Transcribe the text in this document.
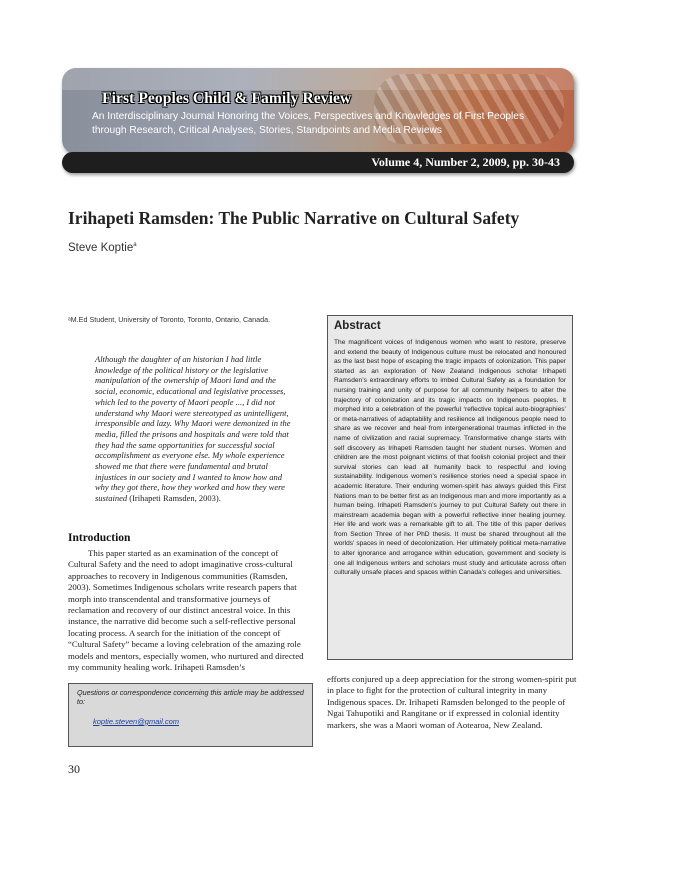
First Peoples Child & Family Review
An Interdisciplinary Journal Honoring the Voices, Perspectives and Knowledges of First Peoples through Research, Critical Analyses, Stories, Standpoints and Media Reviews
Volume 4, Number 2, 2009, pp. 30-43
Irihapeti Ramsden: The Public Narrative on Cultural Safety
Steve Koptie$^a$
ᵃM.Ed Student, University of Toronto, Toronto, Ontario, Canada.
Although the daughter of an historian I had little knowledge of the political history or the legislative manipulation of the ownership of Maori land and the social, economic, educational and legislative processes, which led to the poverty of Maori people ..., I did not understand why Maori were stereotyped as unintelligent, irresponsible and lazy. Why Maori were demonized in the media, filled the prisons and hospitals and were told that they had the same opportunities for successful social accomplishment as everyone else. My whole experience showed me that there were fundamental and brutal injustices in our society and I wanted to know how and why they got there, how they worked and how they were sustained (Irihapeti Ramsden, 2003).
Introduction
This paper started as an examination of the concept of Cultural Safety and the need to adopt imaginative cross-cultural approaches to recovery in Indigenous communities (Ramsden, 2003). Sometimes Indigenous scholars write research papers that morph into transcendental and transformative journeys of reclamation and recovery of our distinct ancestral voice. In this instance, the narrative did become such a self-reflective personal locating process. A search for the initiation of the concept of “Cultural Safety” became a loving celebration of the amazing role models and mentors, especially women, who nurtured and directed my community healing work. Irihapeti Ramsden’s
Questions or correspondence concerning this article may be addressed to:
koptie.steven@gmail.com
30
Abstract
The magnificent voices of Indigenous women who want to restore, preserve and extend the beauty of Indigenous culture must be relocated and honoured as the last best hope of escaping the tragic impacts of colonization. This paper started as an exploration of New Zealand Indigenous scholar Irihapeti Ramsden’s extraordinary efforts to imbed Cultural Safety as a foundation for nursing training and unity of purpose for all community helpers to alter the trajectory of colonization and its tragic impacts on Indigenous peoples. It morphed into a celebration of the powerful ‘reflective topical auto-biographies’ or meta-narratives of adaptability and resilience all Indigenous people need to share as we recover and heal from intergenerational traumas inflicted in the name of civilization and racial supremacy. Transformative change starts with self discovery as Irihapeti Ramsden taught her student nurses. Women and children are the most poignant victims of that foolish colonial project and their survival stories can lead all humanity back to respectful and loving sustainability. Indigenous women’s resilience stories need a special space in academic literature. Their enduring women-spirit has always guided this First Nations man to be better first as an Indigenous man and more importantly as a human being. Irihapeti Ramsden’s journey to put Cultural Safety out there in mainstream academia began with a powerful reflective inner healing journey. Her life and work was a remarkable gift to all. The title of this paper derives from Section Three of her PhD thesis. It must be shared throughout all the worlds’ spaces in need of decolonization. Her ultimately political meta-narrative to alter ignorance and arrogance within education, government and society is one all Indigenous writers and scholars must study and articulate across often culturally unsafe places and spaces within Canada’s colleges and universities.
efforts conjured up a deep appreciation for the strong women-spirit put in place to fight for the protection of cultural integrity in many Indigenous spaces. Dr. Irihapeti Ramsden belonged to the people of Ngai Tahupotiki and Rangitane or if expressed in colonial identity markers, she was a Maori woman of Aotearoa, New Zealand.
